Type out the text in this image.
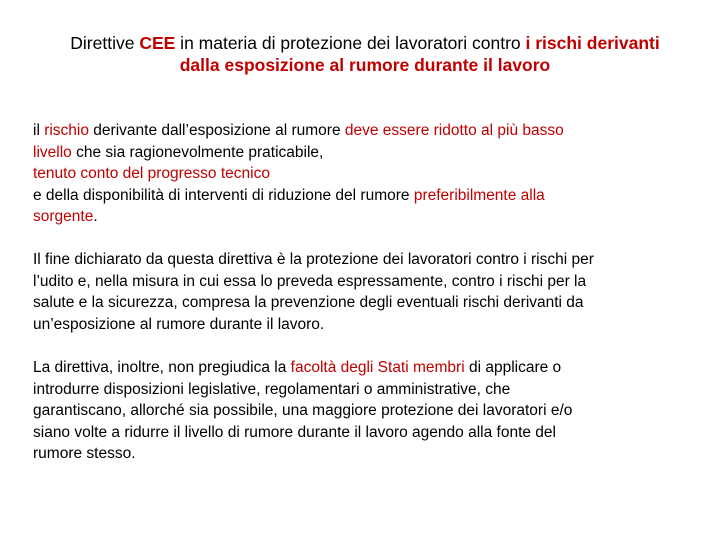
Direttive CEE in materia di protezione dei lavoratori contro i rischi derivanti
dalla esposizione al rumore durante il lavoro
il rischio derivante dall’esposizione al rumore deve essere ridotto al più basso
livello che sia ragionevolmente praticabile,
tenuto conto del progresso tecnico
e della disponibilità di interventi di riduzione del rumore preferibilmente alla
sorgente.
Il fine dichiarato da questa direttiva è la protezione dei lavoratori contro i rischi per
l’udito e, nella misura in cui essa lo preveda espressamente, contro i rischi per la
salute e la sicurezza, compresa la prevenzione degli eventuali rischi derivanti da
un’esposizione al rumore durante il lavoro.
La direttiva, inoltre, non pregiudica la facoltà degli Stati membri di applicare o
introdurre disposizioni legislative, regolamentari o amministrative, che
garantiscano, allorché sia possibile, una maggiore protezione dei lavoratori e/o
siano volte a ridurre il livello di rumore durante il lavoro agendo alla fonte del
rumore stesso.
